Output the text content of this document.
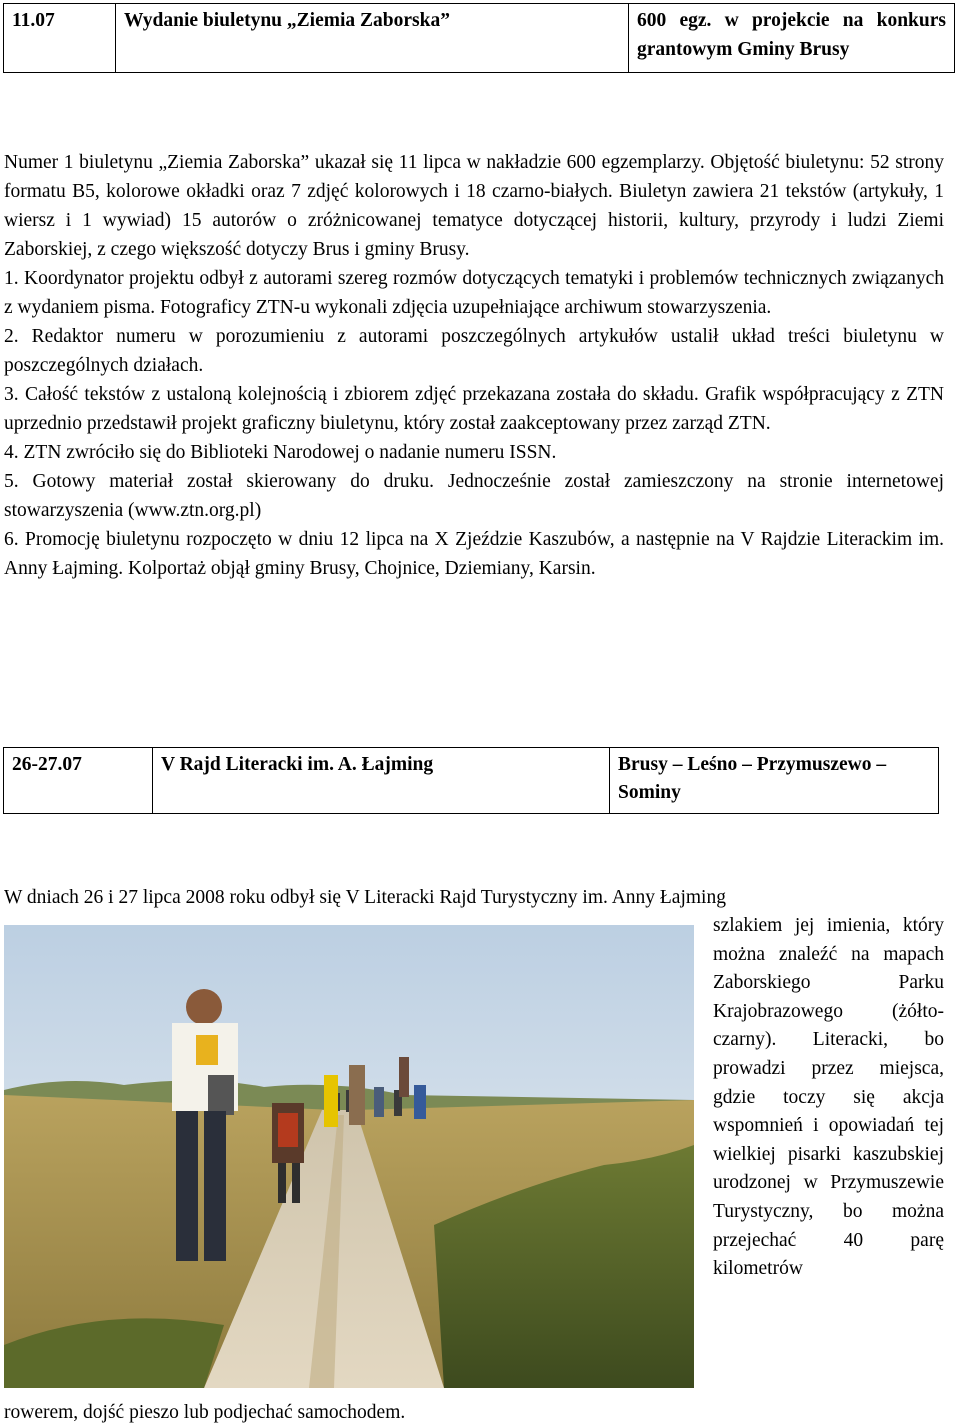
11.07	Wydanie biuletynu „Ziemia Zaborska”	600 egz. w projekcie na konkurs grantowym Gminy Brusy

Numer 1 biuletynu „Ziemia Zaborska” ukazał się 11 lipca w nakładzie 600 egzemplarzy. Objętość biuletynu: 52 strony formatu B5, kolorowe okładki oraz 7 zdjęć kolorowych i 18 czarno-białych. Biuletyn zawiera 21 tekstów (artykuły, 1 wiersz i 1 wywiad) 15 autorów o zróżnicowanej tematyce dotyczącej historii, kultury, przyrody i ludzi Ziemi Zaborskiej, z czego większość dotyczy Brus i gminy Brusy.

1. Koordynator projektu odbył z autorami szereg rozmów dotyczących tematyki i problemów technicznych związanych z wydaniem pisma. Fotograficy ZTN-u wykonali zdjęcia uzupełniające archiwum stowarzyszenia.

2. Redaktor numeru w porozumieniu z autorami poszczególnych artykułów ustalił układ treści biuletynu w poszczególnych działach.

3. Całość tekstów z ustaloną kolejnością i zbiorem zdjęć przekazana została do składu. Grafik współpracujący z ZTN uprzednio przedstawił projekt graficzny biuletynu, który został zaakceptowany przez zarząd ZTN.

4. ZTN zwróciło się do Biblioteki Narodowej o nadanie numeru ISSN.

5. Gotowy materiał został skierowany do druku. Jednocześnie został zamieszczony na stronie internetowej stowarzyszenia (www.ztn.org.pl)

6. Promocję biuletynu rozpoczęto w dniu 12 lipca na X Zjeździe Kaszubów, a następnie na V Rajdzie Literackim im. Anny Łajming. Kolportaż objął gminy Brusy, Chojnice, Dziemiany, Karsin.

26-27.07	V Rajd Literacki im. A. Łajming	Brusy – Leśno – Przymuszewo – Sominy
W dniach 26 i 27 lipca 2008 roku odbył się V Literacki Rajd Turystyczny im. Anny Łajming
szlakiem jej imienia, który można znaleźć na mapach Zaborskiego Parku Krajobrazowego (żółto-czarny). Literacki, bo prowadzi przez miejsca, gdzie toczy się akcja wspomnień i opowiadań tej wielkiej pisarki kaszubskiej urodzonej w Przymuszewie Turystyczny, bo można przejechać 40 parę kilometrów
rowerem, dojść pieszo lub podjechać samochodem.
